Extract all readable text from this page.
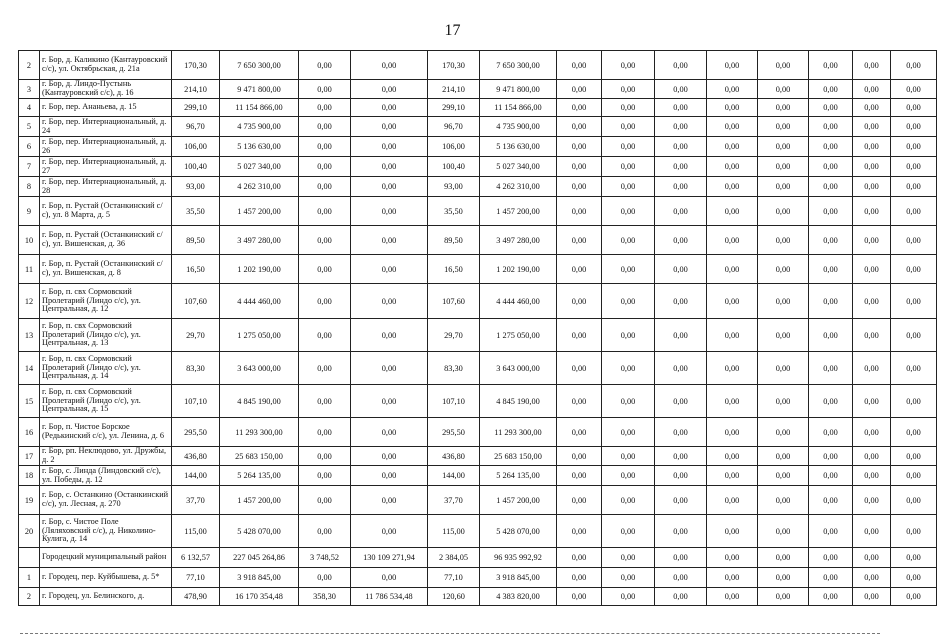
17
2	г. Бор, д. Каликино (Кантауровский с/с), ул. Октябрьская, д. 21а	170,30	7 650 300,00	0,00	0,00	170,30	7 650 300,00	0,00	0,00	0,00	0,00	0,00	0,00	0,00	0,00
3	г. Бор, д. Линдо-Пустынь (Кантауровский с/с), д. 16	214,10	9 471 800,00	0,00	0,00	214,10	9 471 800,00	0,00	0,00	0,00	0,00	0,00	0,00	0,00	0,00
4	г. Бор, пер. Ананьева, д. 15	299,10	11 154 866,00	0,00	0,00	299,10	11 154 866,00	0,00	0,00	0,00	0,00	0,00	0,00	0,00	0,00
5	г. Бор, пер. Интернациональный, д. 24	96,70	4 735 900,00	0,00	0,00	96,70	4 735 900,00	0,00	0,00	0,00	0,00	0,00	0,00	0,00	0,00
6	г. Бор, пер. Интернациональный, д. 26	106,00	5 136 630,00	0,00	0,00	106,00	5 136 630,00	0,00	0,00	0,00	0,00	0,00	0,00	0,00	0,00
7	г. Бор, пер. Интернациональный, д. 27	100,40	5 027 340,00	0,00	0,00	100,40	5 027 340,00	0,00	0,00	0,00	0,00	0,00	0,00	0,00	0,00
8	г. Бор, пер. Интернациональный, д. 28	93,00	4 262 310,00	0,00	0,00	93,00	4 262 310,00	0,00	0,00	0,00	0,00	0,00	0,00	0,00	0,00
9	г. Бор, п. Рустай (Останкинский с/с), ул. 8 Марта, д. 5	35,50	1 457 200,00	0,00	0,00	35,50	1 457 200,00	0,00	0,00	0,00	0,00	0,00	0,00	0,00	0,00
10	г. Бор, п. Рустай (Останкинский с/с), ул. Вишенская, д. 36	89,50	3 497 280,00	0,00	0,00	89,50	3 497 280,00	0,00	0,00	0,00	0,00	0,00	0,00	0,00	0,00
11	г. Бор, п. Рустай (Останкинский с/с), ул. Вишенская, д. 8	16,50	1 202 190,00	0,00	0,00	16,50	1 202 190,00	0,00	0,00	0,00	0,00	0,00	0,00	0,00	0,00
12	г. Бор, п. свх Сормовский Пролетарий (Линдо с/с), ул. Центральная, д. 12	107,60	4 444 460,00	0,00	0,00	107,60	4 444 460,00	0,00	0,00	0,00	0,00	0,00	0,00	0,00	0,00
13	г. Бор, п. свх Сормовский Пролетарий (Линдо с/с), ул. Центральная, д. 13	29,70	1 275 050,00	0,00	0,00	29,70	1 275 050,00	0,00	0,00	0,00	0,00	0,00	0,00	0,00	0,00
14	г. Бор, п. свх Сормовский Пролетарий (Линдо с/с), ул. Центральная, д. 14	83,30	3 643 000,00	0,00	0,00	83,30	3 643 000,00	0,00	0,00	0,00	0,00	0,00	0,00	0,00	0,00
15	г. Бор, п. свх Сормовский Пролетарий (Линдо с/с), ул. Центральная, д. 15	107,10	4 845 190,00	0,00	0,00	107,10	4 845 190,00	0,00	0,00	0,00	0,00	0,00	0,00	0,00	0,00
16	г. Бор, п. Чистое Борское (Редькинский с/с), ул. Ленина, д. 6	295,50	11 293 300,00	0,00	0,00	295,50	11 293 300,00	0,00	0,00	0,00	0,00	0,00	0,00	0,00	0,00
17	г. Бор, рп. Неклюдово, ул. Дружбы, д. 2	436,80	25 683 150,00	0,00	0,00	436,80	25 683 150,00	0,00	0,00	0,00	0,00	0,00	0,00	0,00	0,00
18	г. Бор, с. Линда (Линдовский с/с), ул. Победы, д. 12	144,00	5 264 135,00	0,00	0,00	144,00	5 264 135,00	0,00	0,00	0,00	0,00	0,00	0,00	0,00	0,00
19	г. Бор, с. Останкино (Останкинский с/с), ул. Лесная, д. 270	37,70	1 457 200,00	0,00	0,00	37,70	1 457 200,00	0,00	0,00	0,00	0,00	0,00	0,00	0,00	0,00
20	г. Бор, с. Чистое Поле (Ляляховский с/с), д. Николино-Кулига, д. 14	115,00	5 428 070,00	0,00	0,00	115,00	5 428 070,00	0,00	0,00	0,00	0,00	0,00	0,00	0,00	0,00
	Городецкий муниципальный район	6 132,57	227 045 264,86	3 748,52	130 109 271,94	2 384,05	96 935 992,92	0,00	0,00	0,00	0,00	0,00	0,00	0,00	0,00
1	г. Городец, пер. Куйбышева, д. 5*	77,10	3 918 845,00	0,00	0,00	77,10	3 918 845,00	0,00	0,00	0,00	0,00	0,00	0,00	0,00	0,00
2	г. Городец, ул. Белинского, д.	478,90	16 170 354,48	358,30	11 786 534,48	120,60	4 383 820,00	0,00	0,00	0,00	0,00	0,00	0,00	0,00	0,00
